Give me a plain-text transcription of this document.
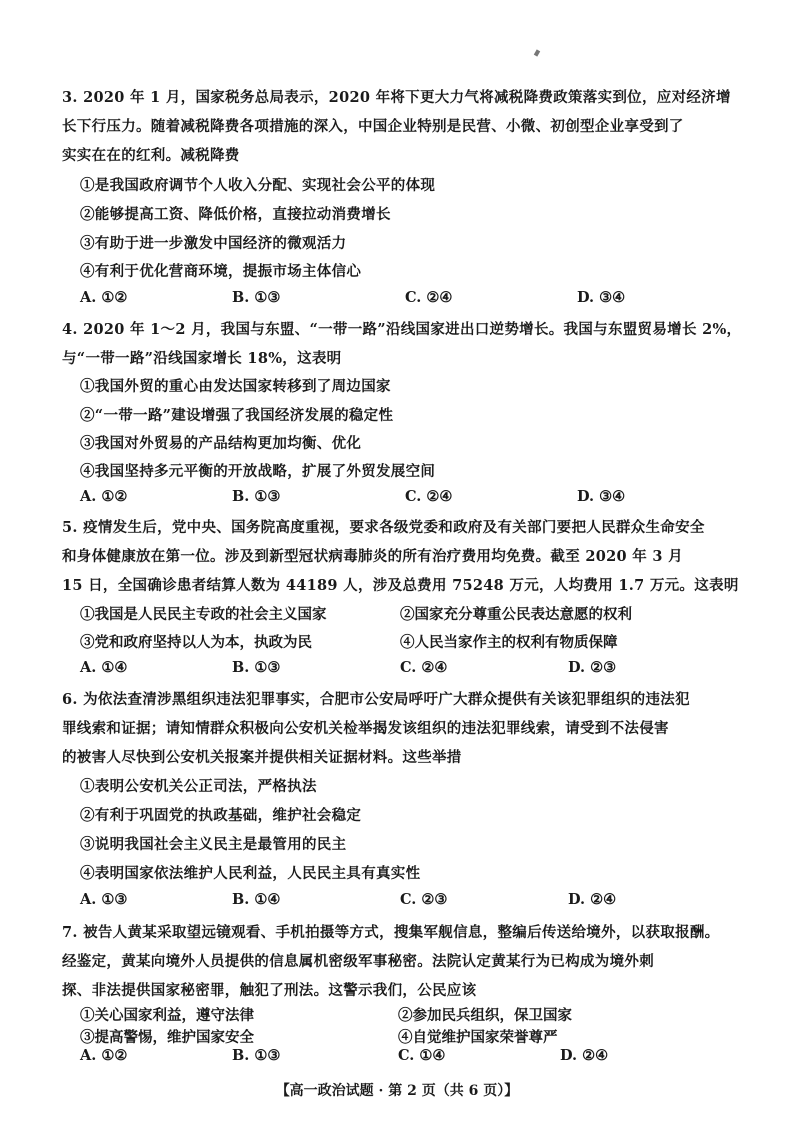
3. 2020 年 1 月，国家税务总局表示，2020 年将下更大力气将减税降费政策落实到位，应对经济增
长下行压力。随着减税降费各项措施的深入，中国企业特别是民营、小微、初创型企业享受到了
实实在在的红利。减税降费
①是我国政府调节个人收入分配、实现社会公平的体现
②能够提高工资、降低价格，直接拉动消费增长
③有助于进一步激发中国经济的微观活力
④有利于优化营商环境，提振市场主体信心
A. ①②	B. ①③	C. ②④	D. ③④
4. 2020 年 1～2 月，我国与东盟、“一带一路”沿线国家进出口逆势增长。我国与东盟贸易增长 2%，
与“一带一路”沿线国家增长 18%，这表明
①我国外贸的重心由发达国家转移到了周边国家
②“一带一路”建设增强了我国经济发展的稳定性
③我国对外贸易的产品结构更加均衡、优化
④我国坚持多元平衡的开放战略，扩展了外贸发展空间
A. ①②	B. ①③	C. ②④	D. ③④
5. 疫情发生后，党中央、国务院高度重视，要求各级党委和政府及有关部门要把人民群众生命安全
和身体健康放在第一位。涉及到新型冠状病毒肺炎的所有治疗费用均免费。截至 2020 年 3 月
15 日，全国确诊患者结算人数为 44189 人，涉及总费用 75248 万元，人均费用 1.7 万元。这表明
①我国是人民民主专政的社会主义国家	②国家充分尊重公民表达意愿的权利
③党和政府坚持以人为本，执政为民	④人民当家作主的权利有物质保障
A. ①④	B. ①③	C. ②④	D. ②③
6. 为依法查清涉黑组织违法犯罪事实，合肥市公安局呼吁广大群众提供有关该犯罪组织的违法犯
罪线索和证据；请知情群众积极向公安机关检举揭发该组织的违法犯罪线索，请受到不法侵害
的被害人尽快到公安机关报案并提供相关证据材料。这些举措
①表明公安机关公正司法，严格执法
②有利于巩固党的执政基础，维护社会稳定
③说明我国社会主义民主是最管用的民主
④表明国家依法维护人民利益，人民民主具有真实性
A. ①③	B. ①④	C. ②③	D. ②④
7. 被告人黄某采取望远镜观看、手机拍摄等方式，搜集军舰信息，整编后传送给境外，以获取报酬。
经鉴定，黄某向境外人员提供的信息属机密级军事秘密。法院认定黄某行为已构成为境外刺
探、非法提供国家秘密罪，触犯了刑法。这警示我们，公民应该
①关心国家利益，遵守法律	②参加民兵组织，保卫国家
【高一政治试题 · 第 2 页（共 6 页）】
③提高警惕，维护国家安全	④自觉维护国家荣誉尊严
A. ①②	B. ①③	C. ①④	D. ②④
